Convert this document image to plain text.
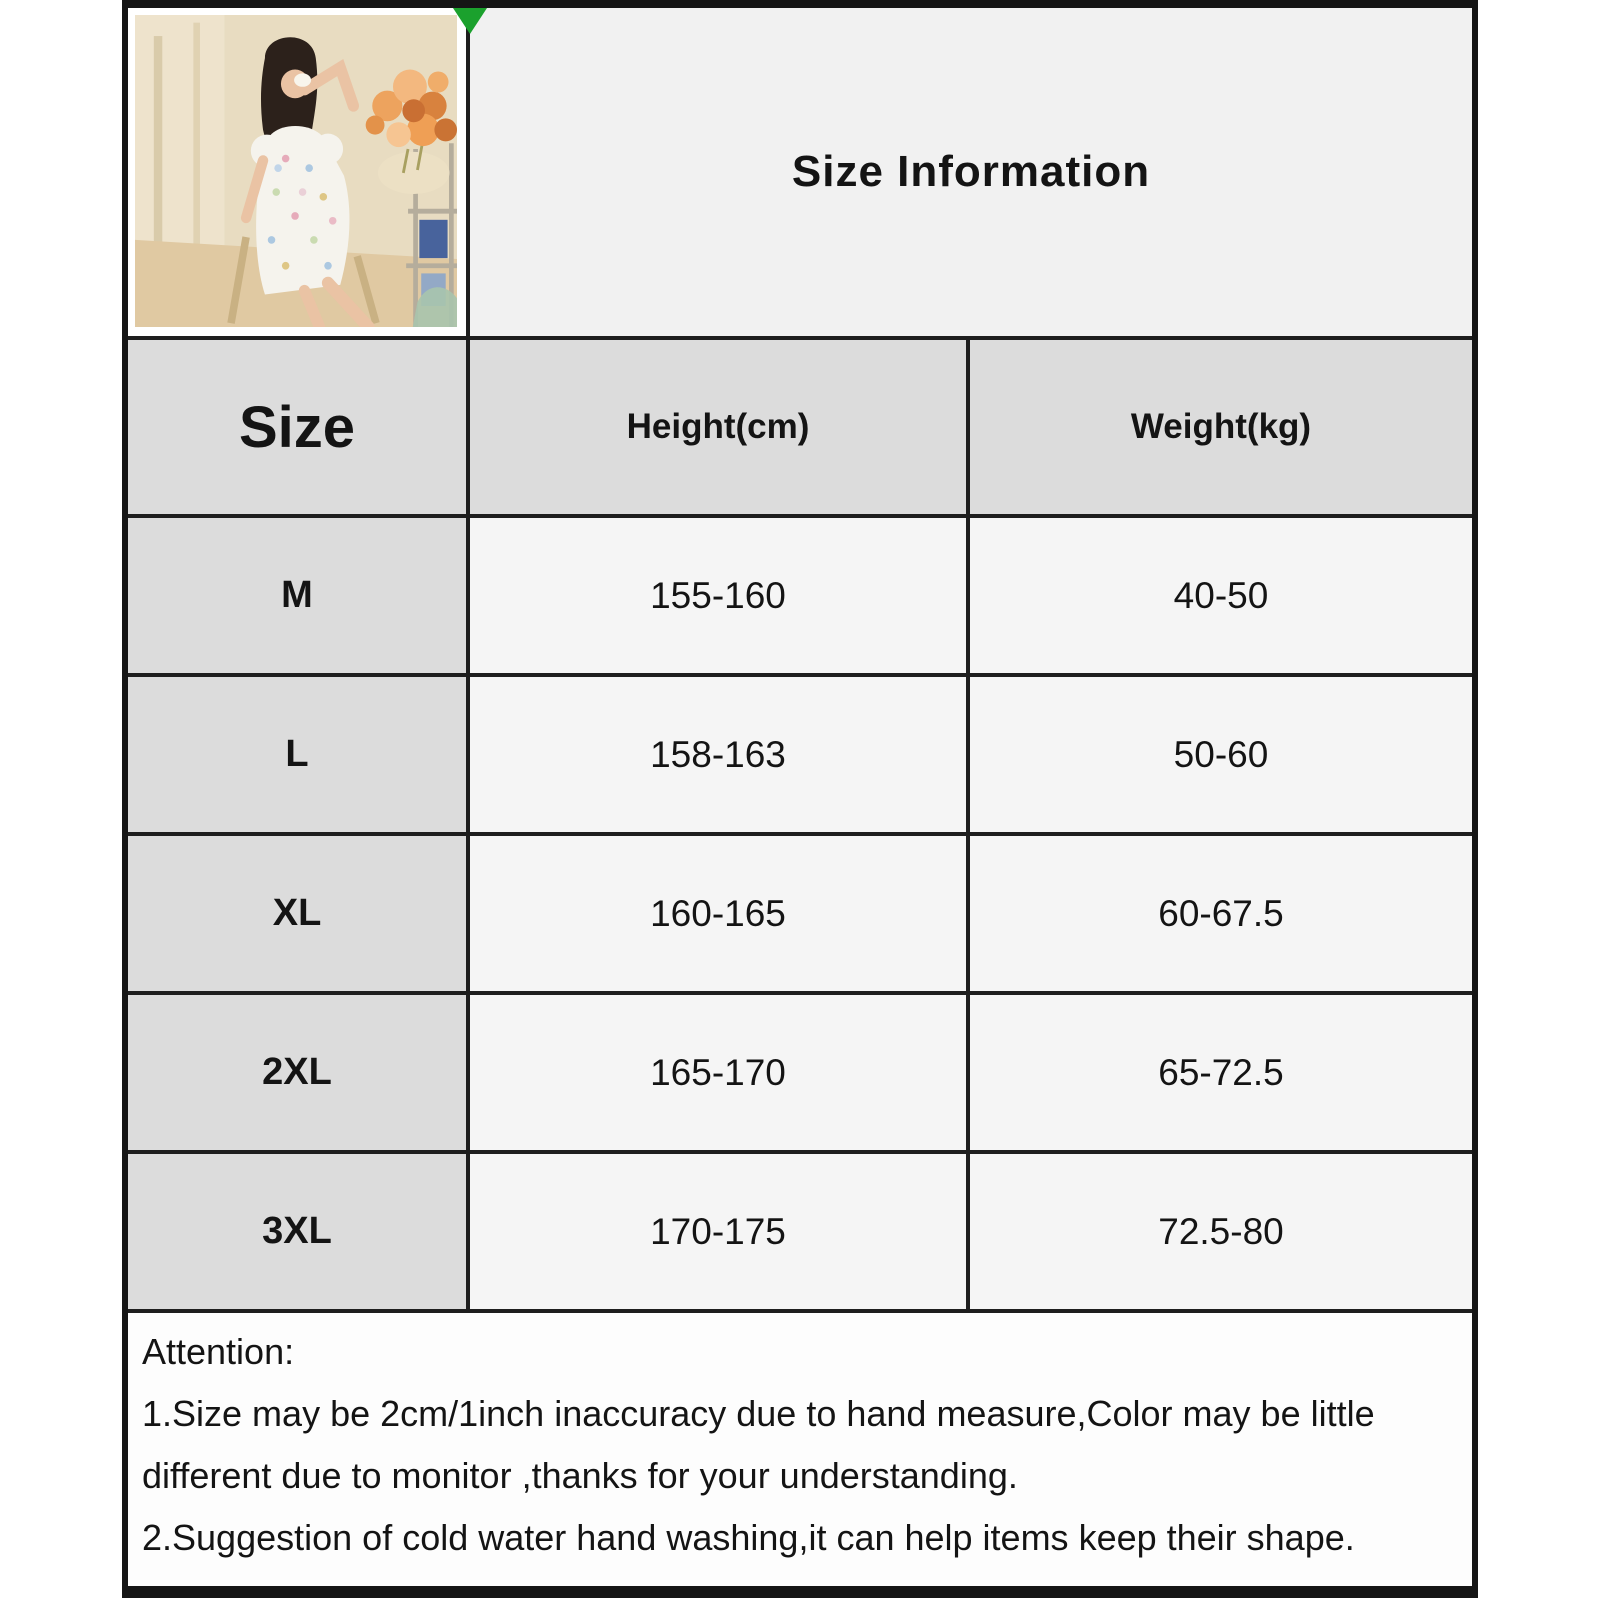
Size Information
Size	Height(cm)	Weight(kg)
M	155-160	40-50
L	158-163	50-60
XL	160-165	60-67.5
2XL	165-170	65-72.5
3XL	170-175	72.5-80

Attention:

1.Size may be 2cm/1inch inaccuracy due to hand measure,Color may be little different due to monitor ,thanks for your understanding.

2.Suggestion of cold water hand washing,it can help items keep their shape.
